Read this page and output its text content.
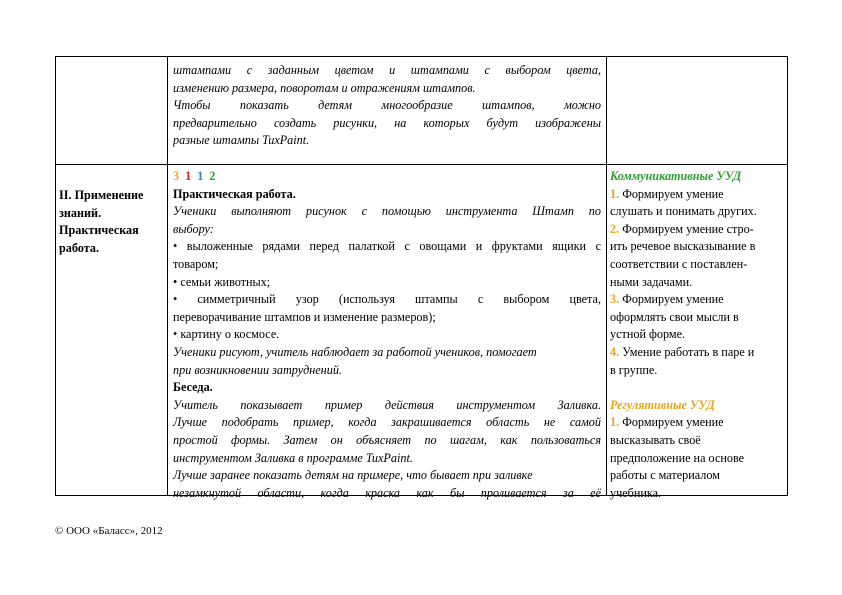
штампами с заданным цветом и штампами с выбором цвета,
изменению размера, поворотам и отражениям штампов.
Чтобы показать детям многообразие штампов, можно
предварительно создать рисунки, на которых будут изображены
разные штампы TuxPaint.
II. Применение
знаний.
Практическая
работа.
3 1 1 2
Практическая работа.
Ученики выполняют рисунок с помощью инструмента Штамп по
выбору:
• выложенные рядами перед палаткой с овощами и фруктами ящики с
товаром;
• семьи животных;
• симметричный узор (используя штампы с выбором цвета,
переворачивание штампов и изменение размеров);
• картину о космосе.
Ученики рисуют, учитель наблюдает за работой учеников, помогает
при возникновении затруднений.
Беседа.
Учитель показывает пример действия инструментом Заливка.
Лучше подобрать пример, когда закрашивается область не самой
простой формы. Затем он объясняет по шагам, как пользоваться
инструментом Заливка в программе TuxPaint.
Лучше заранее показать детям на примере, что бывает при заливке
незамкнутой области, когда краска как бы проливается за её
Коммуникативные УУД
1. Формируем умение
слушать и понимать других.
2. Формируем умение стро-
ить речевое высказывание в
соответствии с поставлен-
ными задачами.
3. Формируем умение
оформлять свои мысли в
устной форме.
4. Умение работать в паре и
в группе.
Регулятивные УУД
1. Формируем умение
высказывать своё
предположение на основе
работы с материалом
учебника.
© ООО «Баласс», 2012
